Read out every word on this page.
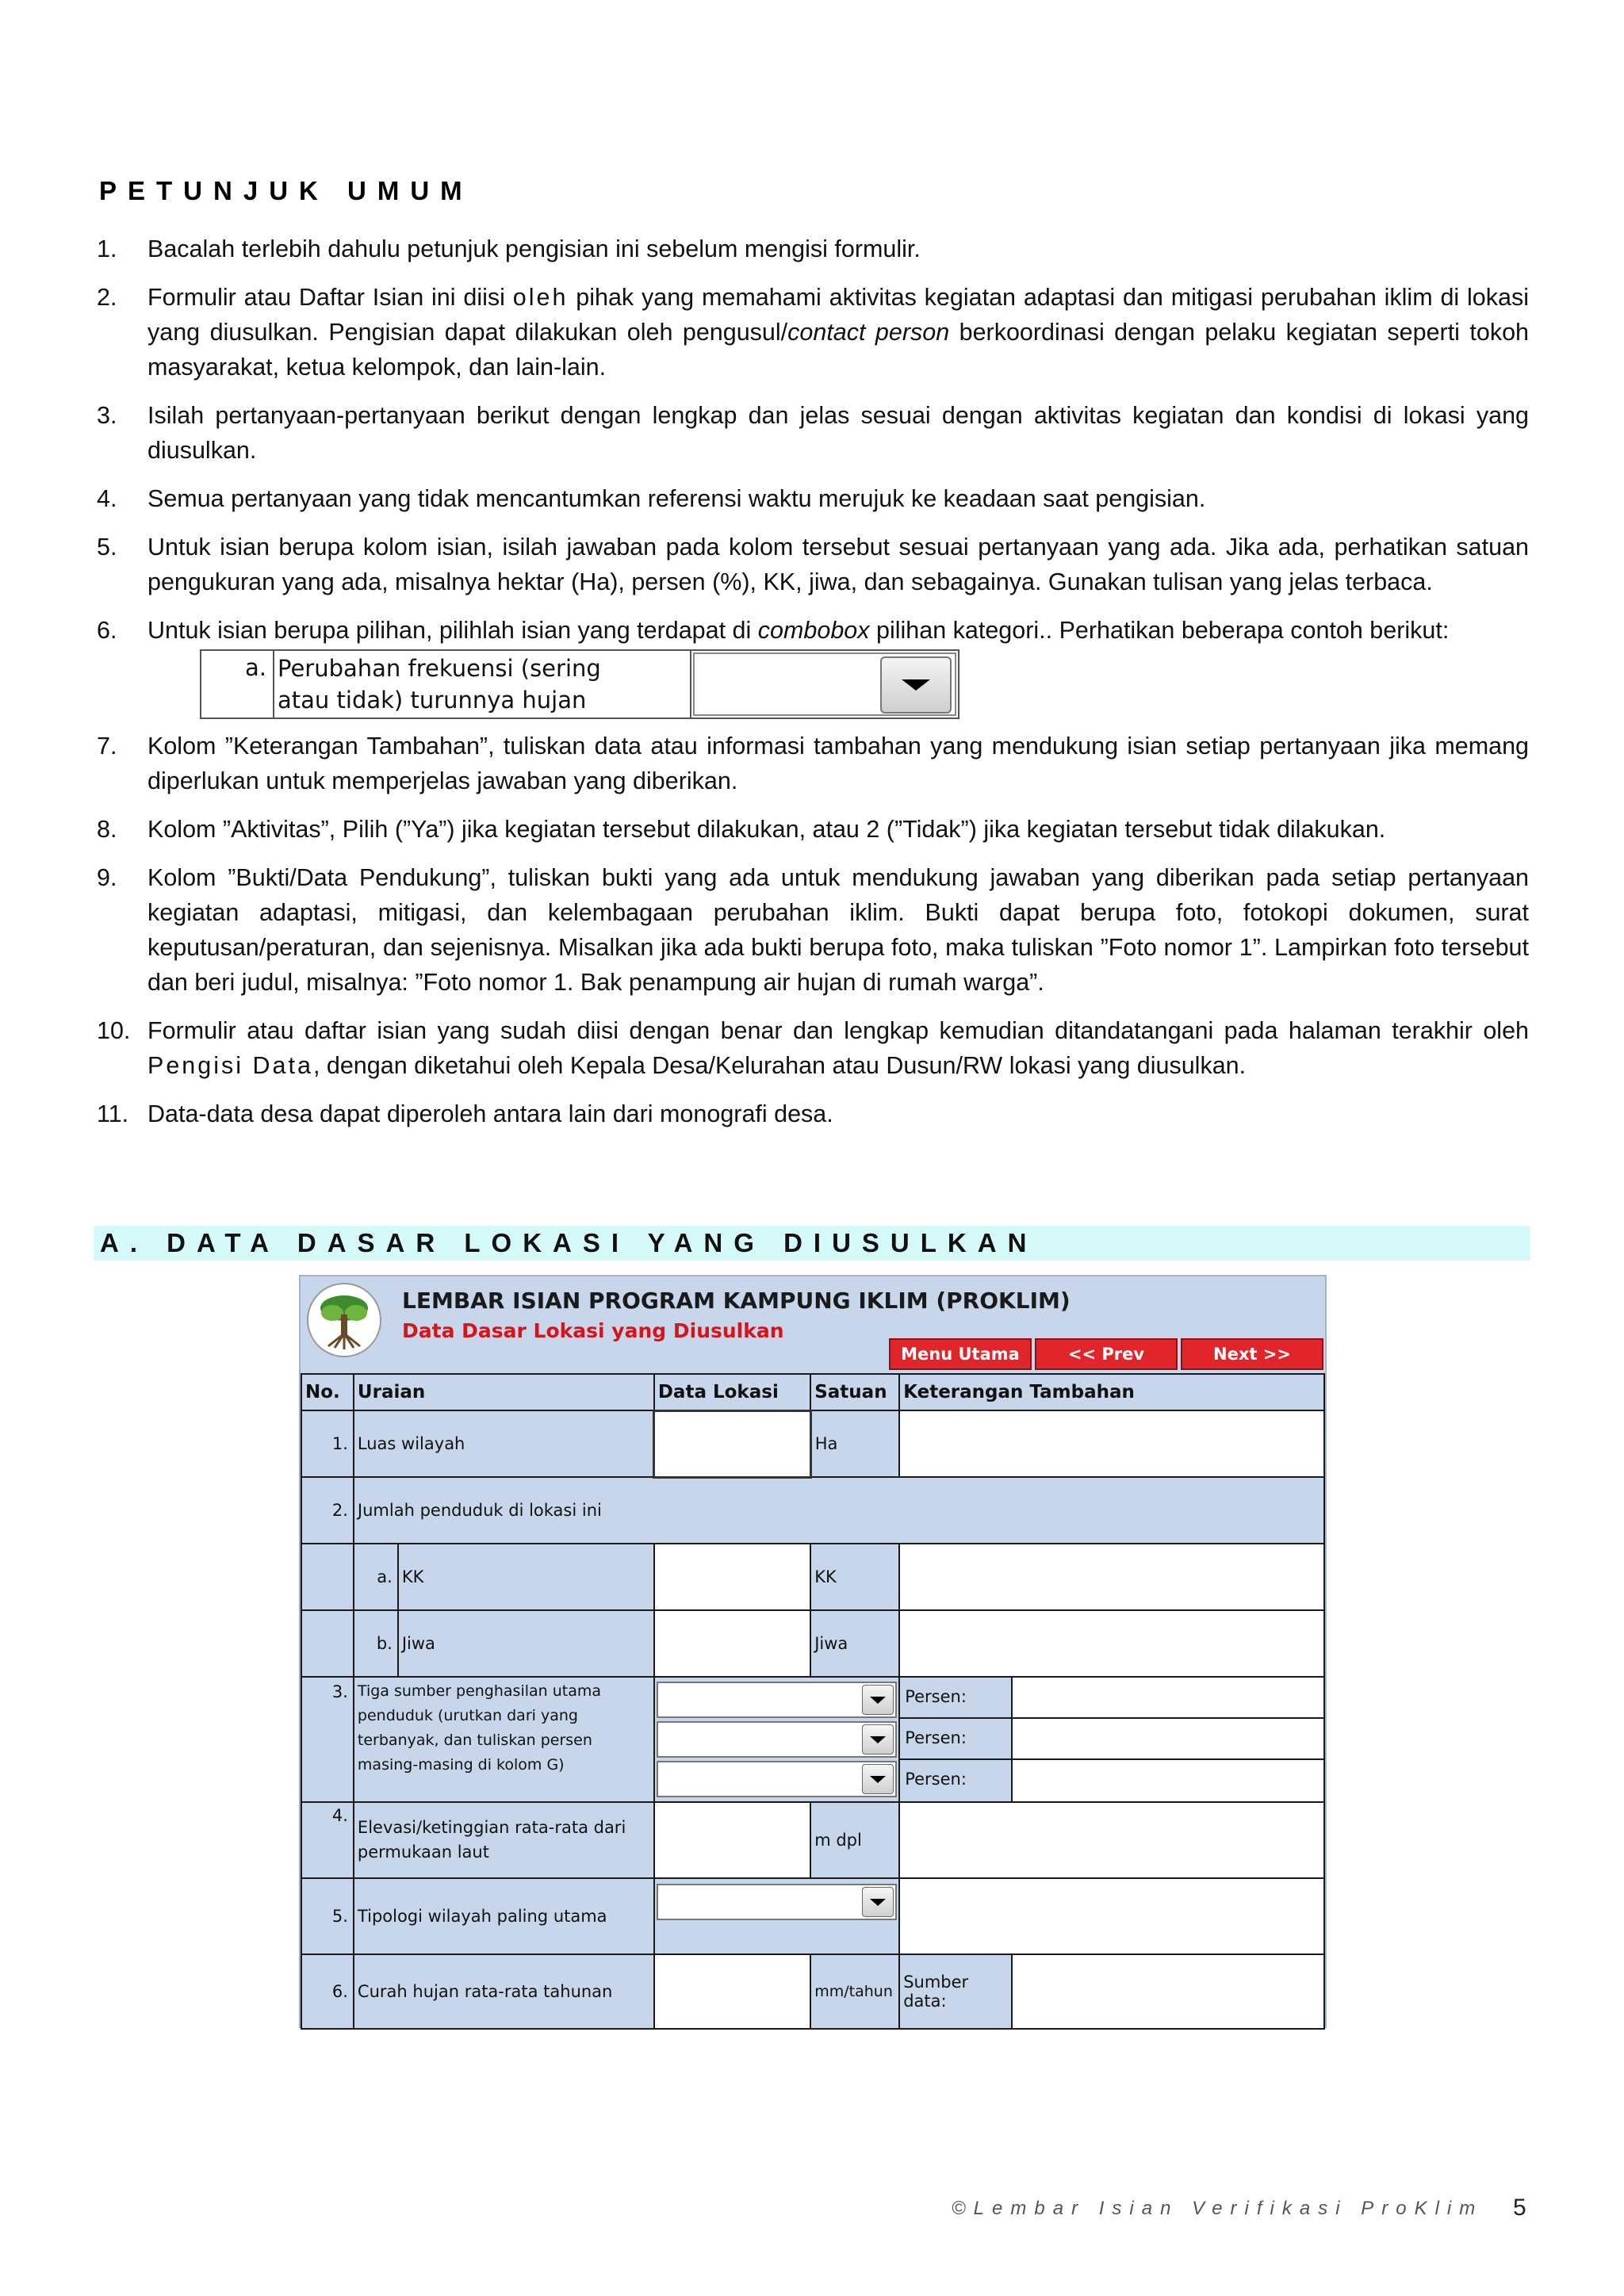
PETUNJUK UMUM
1. Bacalah terlebih dahulu petunjuk pengisian ini sebelum mengisi formulir.
2. Formulir atau Daftar Isian ini diisi oleh pihak yang memahami aktivitas kegiatan adaptasi dan mitigasi perubahan iklim di lokasi yang diusulkan. Pengisian dapat dilakukan oleh pengusul/contact person berkoordinasi dengan pelaku kegiatan seperti tokoh masyarakat, ketua kelompok, dan lain-lain.
3. Isilah pertanyaan-pertanyaan berikut dengan lengkap dan jelas sesuai dengan aktivitas kegiatan dan kondisi di lokasi yang diusulkan.
4. Semua pertanyaan yang tidak mencantumkan referensi waktu merujuk ke keadaan saat pengisian.
5. Untuk isian berupa kolom isian, isilah jawaban pada kolom tersebut sesuai pertanyaan yang ada. Jika ada, perhatikan satuan pengukuran yang ada, misalnya hektar (Ha), persen (%), KK, jiwa, dan sebagainya. Gunakan tulisan yang jelas terbaca.
6. Untuk isian berupa pilihan, pilihlah isian yang terdapat di combobox pilihan kategori.. Perhatikan beberapa contoh berikut:
a. Perubahan frekuensi (sering
atau tidak) turunnya hujan
7. Kolom ”Keterangan Tambahan”, tuliskan data atau informasi tambahan yang mendukung isian setiap pertanyaan jika memang diperlukan untuk memperjelas jawaban yang diberikan.
8. Kolom ”Aktivitas”, Pilih (”Ya”) jika kegiatan tersebut dilakukan, atau 2 (”Tidak”) jika kegiatan tersebut tidak dilakukan.
9. Kolom ”Bukti/Data Pendukung”, tuliskan bukti yang ada untuk mendukung jawaban yang diberikan pada setiap pertanyaan kegiatan adaptasi, mitigasi, dan kelembagaan perubahan iklim. Bukti dapat berupa foto, fotokopi dokumen, surat keputusan/peraturan, dan sejenisnya. Misalkan jika ada bukti berupa foto, maka tuliskan ”Foto nomor 1”. Lampirkan foto tersebut dan beri judul, misalnya: ”Foto nomor 1. Bak penampung air hujan di rumah warga”.
10. Formulir atau daftar isian yang sudah diisi dengan benar dan lengkap kemudian ditandatangani pada halaman terakhir oleh Pengisi Data, dengan diketahui oleh Kepala Desa/Kelurahan atau Dusun/RW lokasi yang diusulkan.
11. Data-data desa dapat diperoleh antara lain dari monografi desa.
A. DATA DASAR LOKASI YANG DIUSULKAN
LEMBAR ISIAN PROGRAM KAMPUNG IKLIM (PROKLIM)
Data Dasar Lokasi yang Diusulkan
Menu Utama	<< Prev	Next >>
No.	Uraian		Data Lokasi	Satuan	Keterangan Tambahan	
1.	Luas wilayah			Ha		
2.	Jumlah penduduk di lokasi ini					
	a.	KK		KK		
	b.	Jiwa		Jiwa		
3.	Tiga sumber penghasilan utama penduduk (urutkan dari yang terbanyak, dan tuliskan persen masing-masing di kolom G)				Persen:
Persen:
Persen:	

4.	Elevasi/ketinggian rata-rata dari permukaan laut			m dpl		
5.	Tipologi wilayah paling utama				

6.	Curah hujan rata-rata tahunan			mm/tahun	Sumber data:	
©Lembar Isian Verifikasi ProKlim 5
